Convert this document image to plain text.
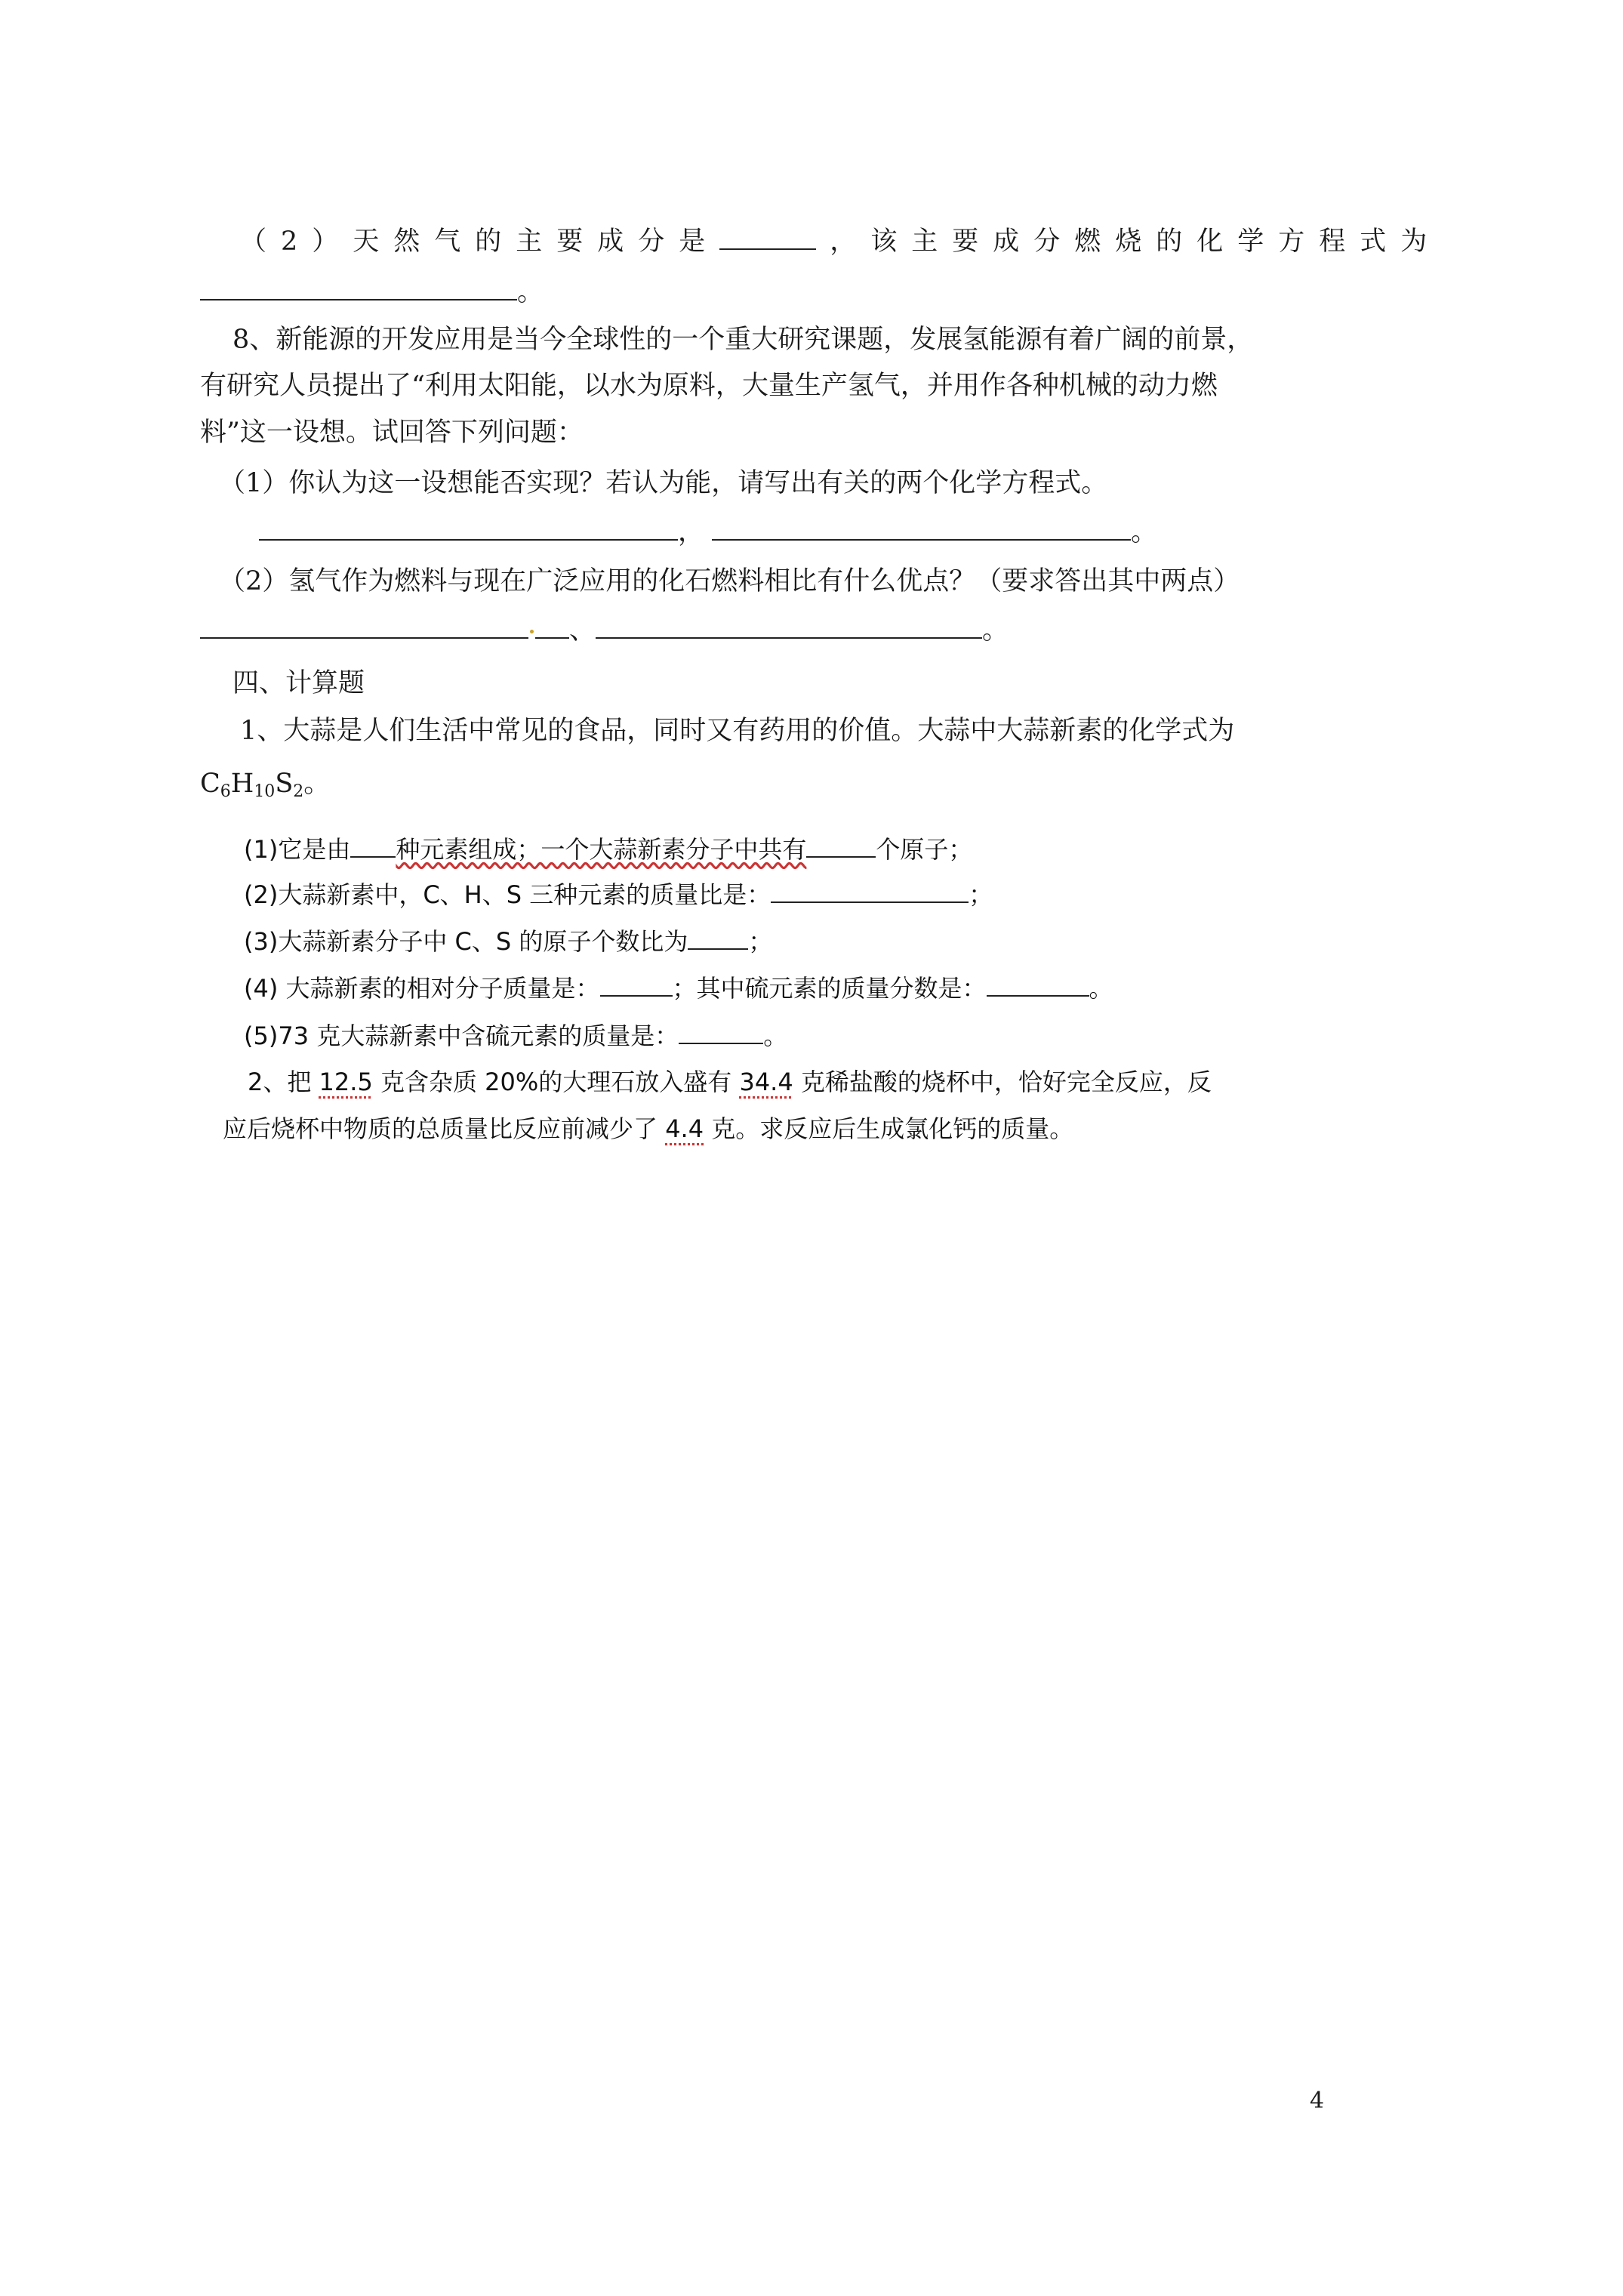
（2）天然气的主要成分是	，该主要成分燃烧的化学方程式为
。
8、新能源的开发应用是当今全球性的一个重大研究课题，发展氢能源有着广阔的前景，
有研究人员提出了“利用太阳能，以水为原料，大量生产氢气，并用作各种机械的动力燃
料”这一设想。试回答下列问题：
（1）你认为这一设想能否实现？若认为能，请写出有关的两个化学方程式。
，	。
（2）氢气作为燃料与现在广泛应用的化石燃料相比有什么优点？（要求答出其中两点）
、	。
四、计算题
1、大蒜是人们生活中常见的食品，同时又有药用的价值。大蒜中大蒜新素的化学式为
$C_6H_{10}S_2$。
(1)它是由 种元素组成；一个大蒜新素分子中共有	个原子；
(2)大蒜新素中，C、H、S 三种元素的质量比是：	；
(3)大蒜新素分子中 C、S 的原子个数比为	；
(4) 大蒜新素的相对分子质量是：	；其中硫元素的质量分数是：	。
(5)73 克大蒜新素中含硫元素的质量是：	。
2、把 12.5 克含杂质 20%的大理石放入盛有 34.4 克稀盐酸的烧杯中，恰好完全反应，反
应后烧杯中物质的总质量比反应前减少了 4.4 克。求反应后生成氯化钙的质量。
4
